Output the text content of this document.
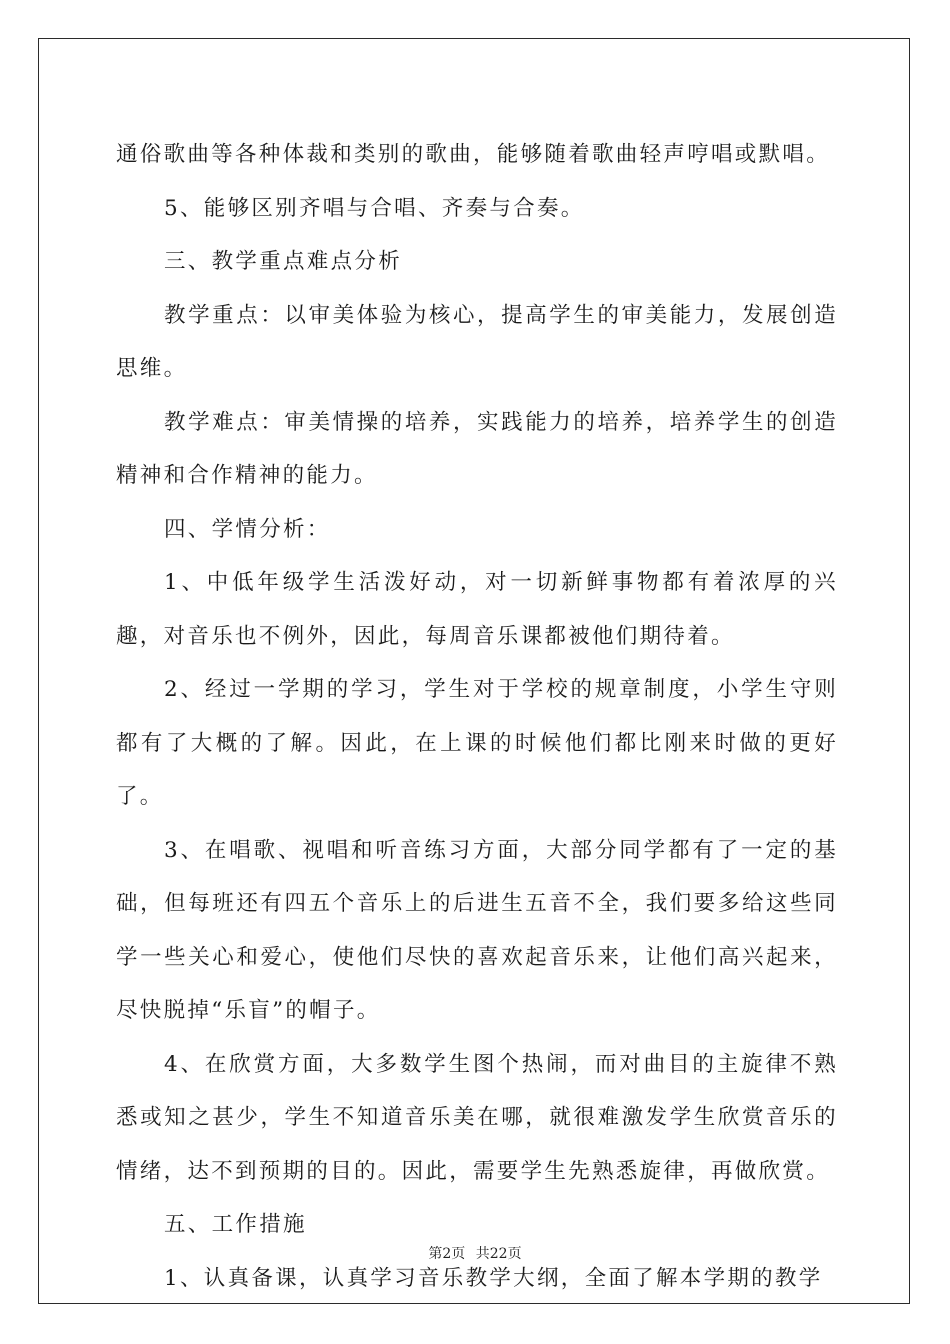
通俗歌曲等各种体裁和类别的歌曲，能够随着歌曲轻声哼唱或默唱。

5、能够区别齐唱与合唱、齐奏与合奏。

三、教学重点难点分析

教学重点：以审美体验为核心，提高学生的审美能力，发展创造思维。

教学难点：审美情操的培养，实践能力的培养，培养学生的创造精神和合作精神的能力。

四、学情分析：

1、中低年级学生活泼好动，对一切新鲜事物都有着浓厚的兴趣，对音乐也不例外，因此，每周音乐课都被他们期待着。

2、经过一学期的学习，学生对于学校的规章制度，小学生守则都有了大概的了解。因此，在上课的时候他们都比刚来时做的更好了。

3、在唱歌、视唱和听音练习方面，大部分同学都有了一定的基础，但每班还有四五个音乐上的后进生五音不全，我们要多给这些同学一些关心和爱心，使他们尽快的喜欢起音乐来，让他们高兴起来，尽快脱掉“乐盲”的帽子。

4、在欣赏方面，大多数学生图个热闹，而对曲目的主旋律不熟悉或知之甚少，学生不知道音乐美在哪，就很难激发学生欣赏音乐的情绪，达不到预期的目的。因此，需要学生先熟悉旋律，再做欣赏。

五、工作措施

1、认真备课，认真学习音乐教学大纲，全面了解本学期的教学

第2页 共22页
